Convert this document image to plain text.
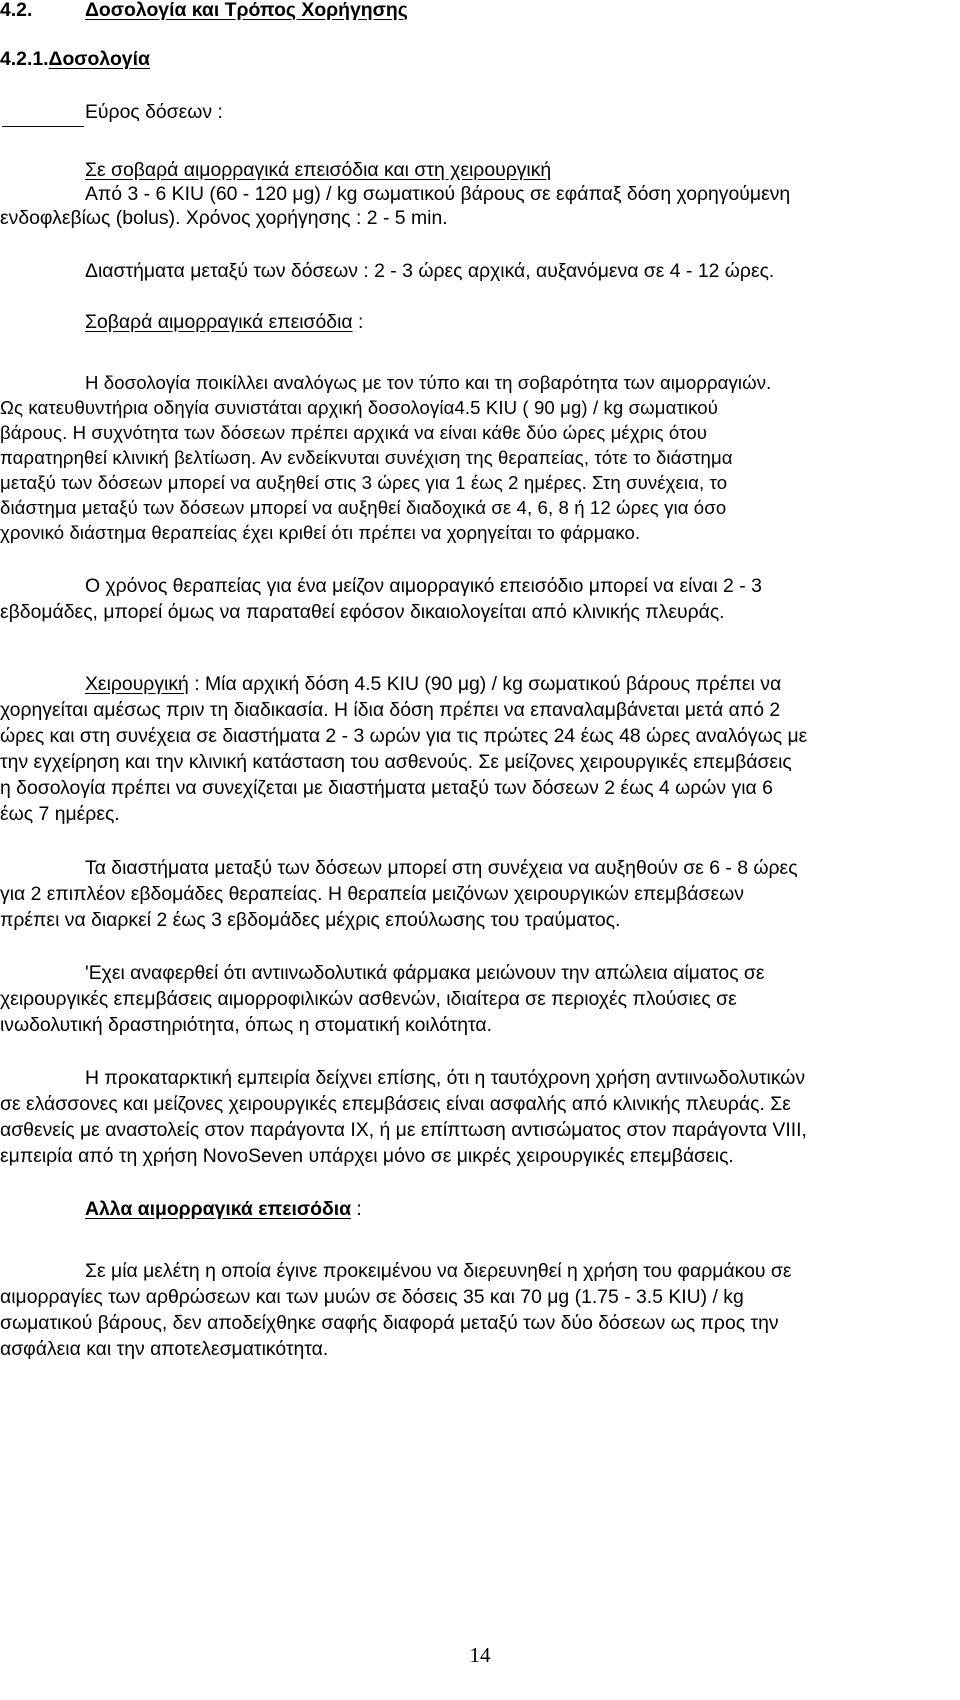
4.2.	Δοσολογία και Τρόπος Χορήγησης
4.2.1.Δοσολογία
Εύρος δόσεων :
Σε σοβαρά αιμορραγικά επεισόδια και στη χειρουργική
Από 3 - 6 KIU (60 - 120 μg) / kg σωματικού βάρους σε εφάπαξ δόση χορηγούμενη
ενδοφλεβίως (bolus). Χρόνος χορήγησης : 2 - 5 min.
Διαστήματα μεταξύ των δόσεων : 2 - 3 ώρες αρχικά, αυξανόμενα σε 4 - 12 ώρες.
Σοβαρά αιμορραγικά επεισόδια :
Η δοσολογία ποικίλλει αναλόγως με τον τύπο και τη σοβαρότητα των αιμορραγιών.
Ως κατευθυντήρια οδηγία συνιστάται αρχική δοσολογία4.5 KIU ( 90 μg) / kg σωματικού
βάρους. Η συχνότητα των δόσεων πρέπει αρχικά να είναι κάθε δύο ώρες μέχρις ότου
παρατηρηθεί κλινική βελτίωση. Αν ενδείκνυται συνέχιση της θεραπείας, τότε το διάστημα
μεταξύ των δόσεων μπορεί να αυξηθεί στις 3 ώρες για 1 έως 2 ημέρες. Στη συνέχεια, το
διάστημα μεταξύ των δόσεων μπορεί να αυξηθεί διαδοχικά σε 4, 6, 8 ή 12 ώρες για όσο
χρονικό διάστημα θεραπείας έχει κριθεί ότι πρέπει να χορηγείται το φάρμακο.
Ο χρόνος θεραπείας για ένα μείζον αιμορραγικό επεισόδιο μπορεί να είναι 2 - 3
εβδομάδες, μπορεί όμως να παραταθεί εφόσον δικαιολογείται από κλινικής πλευράς.
Χειρουργική : Μία αρχική δόση 4.5 KIU (90 μg) / kg σωματικού βάρους πρέπει να
χορηγείται αμέσως πριν τη διαδικασία. Η ίδια δόση πρέπει να επαναλαμβάνεται μετά από 2
ώρες και στη συνέχεια σε διαστήματα 2 - 3 ωρών για τις πρώτες 24 έως 48 ώρες αναλόγως με
την εγχείρηση και την κλινική κατάσταση του ασθενούς. Σε μείζονες χειρουργικές επεμβάσεις
η δοσολογία πρέπει να συνεχίζεται με διαστήματα μεταξύ των δόσεων 2 έως 4 ωρών για 6
έως 7 ημέρες.
Τα διαστήματα μεταξύ των δόσεων μπορεί στη συνέχεια να αυξηθούν σε 6 - 8 ώρες
για 2 επιπλέον εβδομάδες θεραπείας. Η θεραπεία μειζόνων χειρουργικών επεμβάσεων
πρέπει να διαρκεί 2 έως 3 εβδομάδες μέχρις επούλωσης του τραύματος.
'Εχει αναφερθεί ότι αντιινωδολυτικά φάρμακα μειώνουν την απώλεια αίματος σε
χειρουργικές επεμβάσεις αιμορροφιλικών ασθενών, ιδιαίτερα σε περιοχές πλούσιες σε
ινωδολυτική δραστηριότητα, όπως η στοματική κοιλότητα.
Η προκαταρκτική εμπειρία δείχνει επίσης, ότι η ταυτόχρονη χρήση αντιινωδολυτικών
σε ελάσσονες και μείζονες χειρουργικές επεμβάσεις είναι ασφαλής από κλινικής πλευράς. Σε
ασθενείς με αναστολείς στον παράγοντα IX, ή με επίπτωση αντισώματος στον παράγοντα VIII,
εμπειρία από τη χρήση NovoSeven υπάρχει μόνο σε μικρές χειρουργικές επεμβάσεις.
Αλλα αιμορραγικά επεισόδια :
Σε μία μελέτη η οποία έγινε προκειμένου να διερευνηθεί η χρήση του φαρμάκου σε
αιμορραγίες των αρθρώσεων και των μυών σε δόσεις 35 και 70 μg (1.75 - 3.5 KIU) / kg
σωματικού βάρους, δεν αποδείχθηκε σαφής διαφορά μεταξύ των δύο δόσεων ως προς την
ασφάλεια και την αποτελεσματικότητα.
14
